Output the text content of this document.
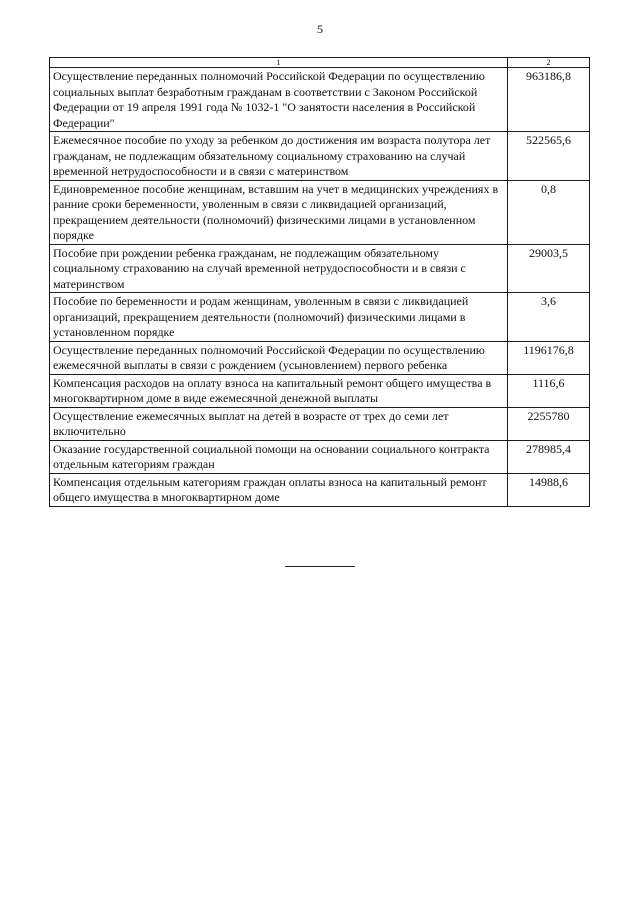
5
1	2
Осуществление переданных полномочий Российской Федерации по осуществлению социальных выплат безработным гражданам в соответствии с Законом Российской Федерации от 19 апреля 1991 года № 1032-1 "О занятости населения в Российской Федерации"	963186,8
Ежемесячное пособие по уходу за ребенком до достижения им возраста полутора лет гражданам, не подлежащим обязательному социальному страхованию на случай временной нетрудоспособности и в связи с материнством	522565,6
Единовременное пособие женщинам, вставшим на учет в медицинских учреждениях в ранние сроки беременности, уволенным в связи с ликвидацией организаций, прекращением деятельности (полномочий) физическими лицами в установленном порядке	0,8
Пособие при рождении ребенка гражданам, не подлежащим обязательному социальному страхованию на случай временной нетрудоспособности и в связи с материнством	29003,5
Пособие по беременности и родам женщинам, уволенным в связи с ликвидацией организаций, прекращением деятельности (полномочий) физическими лицами в установленном порядке	3,6
Осуществление переданных полномочий Российской Федерации по осуществлению ежемесячной выплаты в связи с рождением (усыновлением) первого ребенка	1196176,8
Компенсация расходов на оплату взноса на капитальный ремонт общего имущества в многоквартирном доме в виде ежемесячной денежной выплаты	1116,6
Осуществление ежемесячных выплат на детей в возрасте от трех до семи лет включительно	2255780
Оказание государственной социальной помощи на основании социального контракта отдельным категориям граждан	278985,4
Компенсация отдельным категориям граждан оплаты взноса на капитальный ремонт общего имущества в многоквартирном доме	14988,6
